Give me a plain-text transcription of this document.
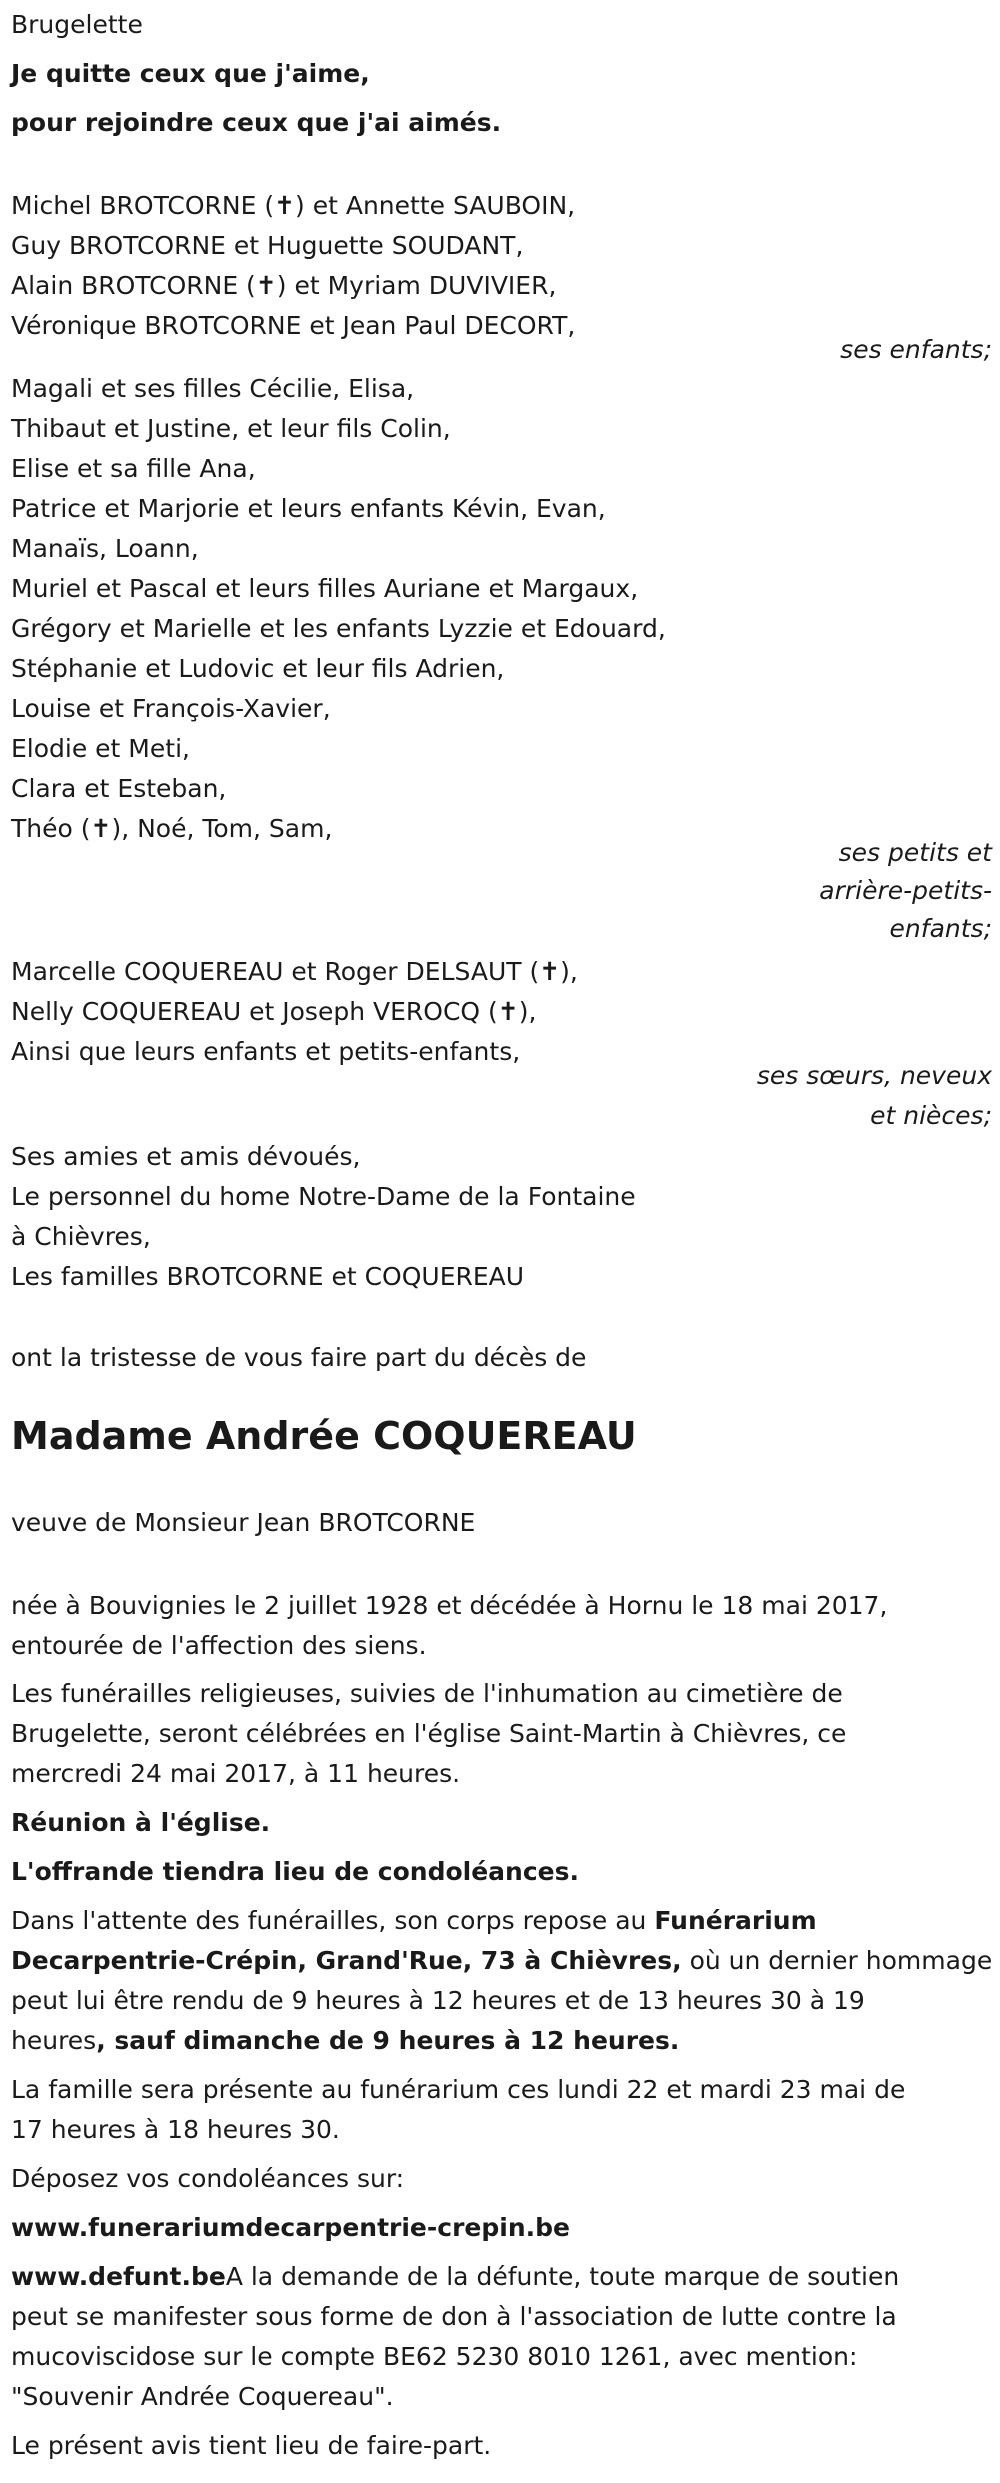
Brugelette
Je quitte ceux que j'aime,
pour rejoindre ceux que j'ai aimés.
Michel BROTCORNE (✝) et Annette SAUBOIN,
Guy BROTCORNE et Huguette SOUDANT,
Alain BROTCORNE (✝) et Myriam DUVIVIER,
Véronique BROTCORNE et Jean Paul DECORT,
ses enfants;
Magali et ses filles Cécilie, Elisa,
Thibaut et Justine, et leur fils Colin,
Elise et sa fille Ana,
Patrice et Marjorie et leurs enfants Kévin, Evan,
Manaïs, Loann,
Muriel et Pascal et leurs filles Auriane et Margaux,
Grégory et Marielle et les enfants Lyzzie et Edouard,
Stéphanie et Ludovic et leur fils Adrien,
Louise et François-Xavier,
Elodie et Meti,
Clara et Esteban,
Théo (✝), Noé, Tom, Sam,
ses petits et
arrière-petits-
enfants;
Marcelle COQUEREAU et Roger DELSAUT (✝),
Nelly COQUEREAU et Joseph VEROCQ (✝),
Ainsi que leurs enfants et petits-enfants,
ses sœurs, neveux
et nièces;
Ses amies et amis dévoués,
Le personnel du home Notre-Dame de la Fontaine
à Chièvres,
Les familles BROTCORNE et COQUEREAU
ont la tristesse de vous faire part du décès de
Madame Andrée COQUEREAU
veuve de Monsieur Jean BROTCORNE
née à Bouvignies le 2 juillet 1928 et décédée à Hornu le 18 mai 2017,
entourée de l'affection des siens.
Les funérailles religieuses, suivies de l'inhumation au cimetière de
Brugelette, seront célébrées en l'église Saint-Martin à Chièvres, ce
mercredi 24 mai 2017, à 11 heures.
Réunion à l'église.
L'offrande tiendra lieu de condoléances.
Dans l'attente des funérailles, son corps repose au Funérarium
Decarpentrie-Crépin, Grand'Rue, 73 à Chièvres, où un dernier hommage
peut lui être rendu de 9 heures à 12 heures et de 13 heures 30 à 19
heures, sauf dimanche de 9 heures à 12 heures.
La famille sera présente au funérarium ces lundi 22 et mardi 23 mai de
17 heures à 18 heures 30.
Déposez vos condoléances sur:
www.funerariumdecarpentrie-crepin.be
www.defunt.beA la demande de la défunte, toute marque de soutien
peut se manifester sous forme de don à l'association de lutte contre la
mucoviscidose sur le compte BE62 5230 8010 1261, avec mention:
"Souvenir Andrée Coquereau".
Le présent avis tient lieu de faire-part.
